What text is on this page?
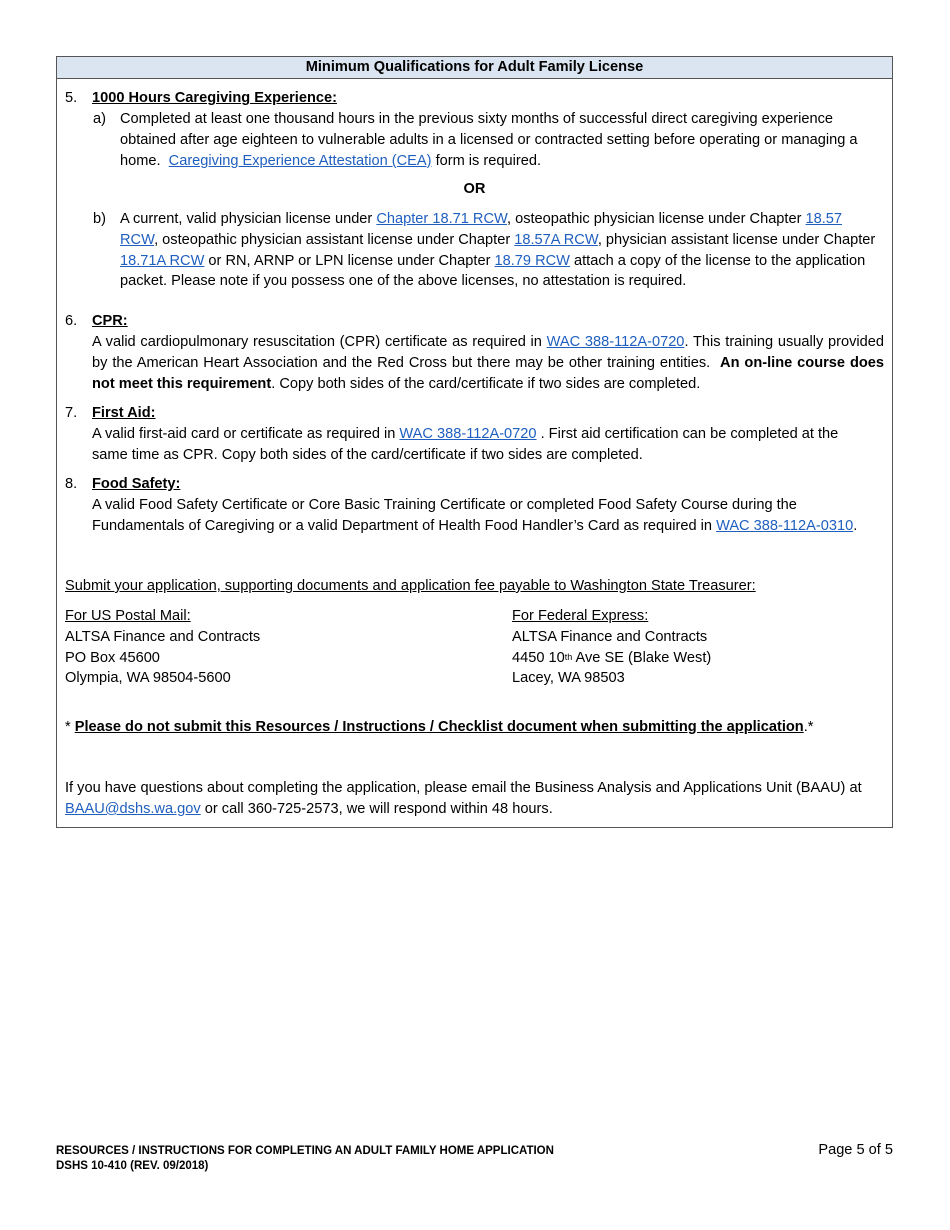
Minimum Qualifications for Adult Family License
5. 1000 Hours Caregiving Experience:
a) Completed at least one thousand hours in the previous sixty months of successful direct caregiving experience obtained after age eighteen to vulnerable adults in a licensed or contracted setting before operating or managing a home. Caregiving Experience Attestation (CEA) form is required.
OR
b) A current, valid physician license under Chapter 18.71 RCW, osteopathic physician license under Chapter 18.57 RCW, osteopathic physician assistant license under Chapter 18.57A RCW, physician assistant license under Chapter 18.71A RCW or RN, ARNP or LPN license under Chapter 18.79 RCW attach a copy of the license to the application packet. Please note if you possess one of the above licenses, no attestation is required.
6. CPR:
A valid cardiopulmonary resuscitation (CPR) certificate as required in WAC 388-112A-0720. This training usually provided by the American Heart Association and the Red Cross but there may be other training entities. An on-line course does not meet this requirement. Copy both sides of the card/certificate if two sides are completed.
7. First Aid:
A valid first-aid card or certificate as required in WAC 388-112A-0720 . First aid certification can be completed at the same time as CPR. Copy both sides of the card/certificate if two sides are completed.
8. Food Safety:
A valid Food Safety Certificate or Core Basic Training Certificate or completed Food Safety Course during the Fundamentals of Caregiving or a valid Department of Health Food Handler’s Card as required in WAC 388-112A-0310.
Submit your application, supporting documents and application fee payable to Washington State Treasurer:
For US Postal Mail:
ALTSA Finance and Contracts
PO Box 45600
Olympia, WA 98504-5600
For Federal Express:
ALTSA Finance and Contracts
4450 10th Ave SE (Blake West)
Lacey, WA 98503
* Please do not submit this Resources / Instructions / Checklist document when submitting the application.*
If you have questions about completing the application, please email the Business Analysis and Applications Unit (BAAU) at BAAU@dshs.wa.gov or call 360-725-2573, we will respond within 48 hours.
RESOURCES / INSTRUCTIONS FOR COMPLETING AN ADULT FAMILY HOME APPLICATION
DSHS 10-410 (REV. 09/2018)
Page 5 of 5
